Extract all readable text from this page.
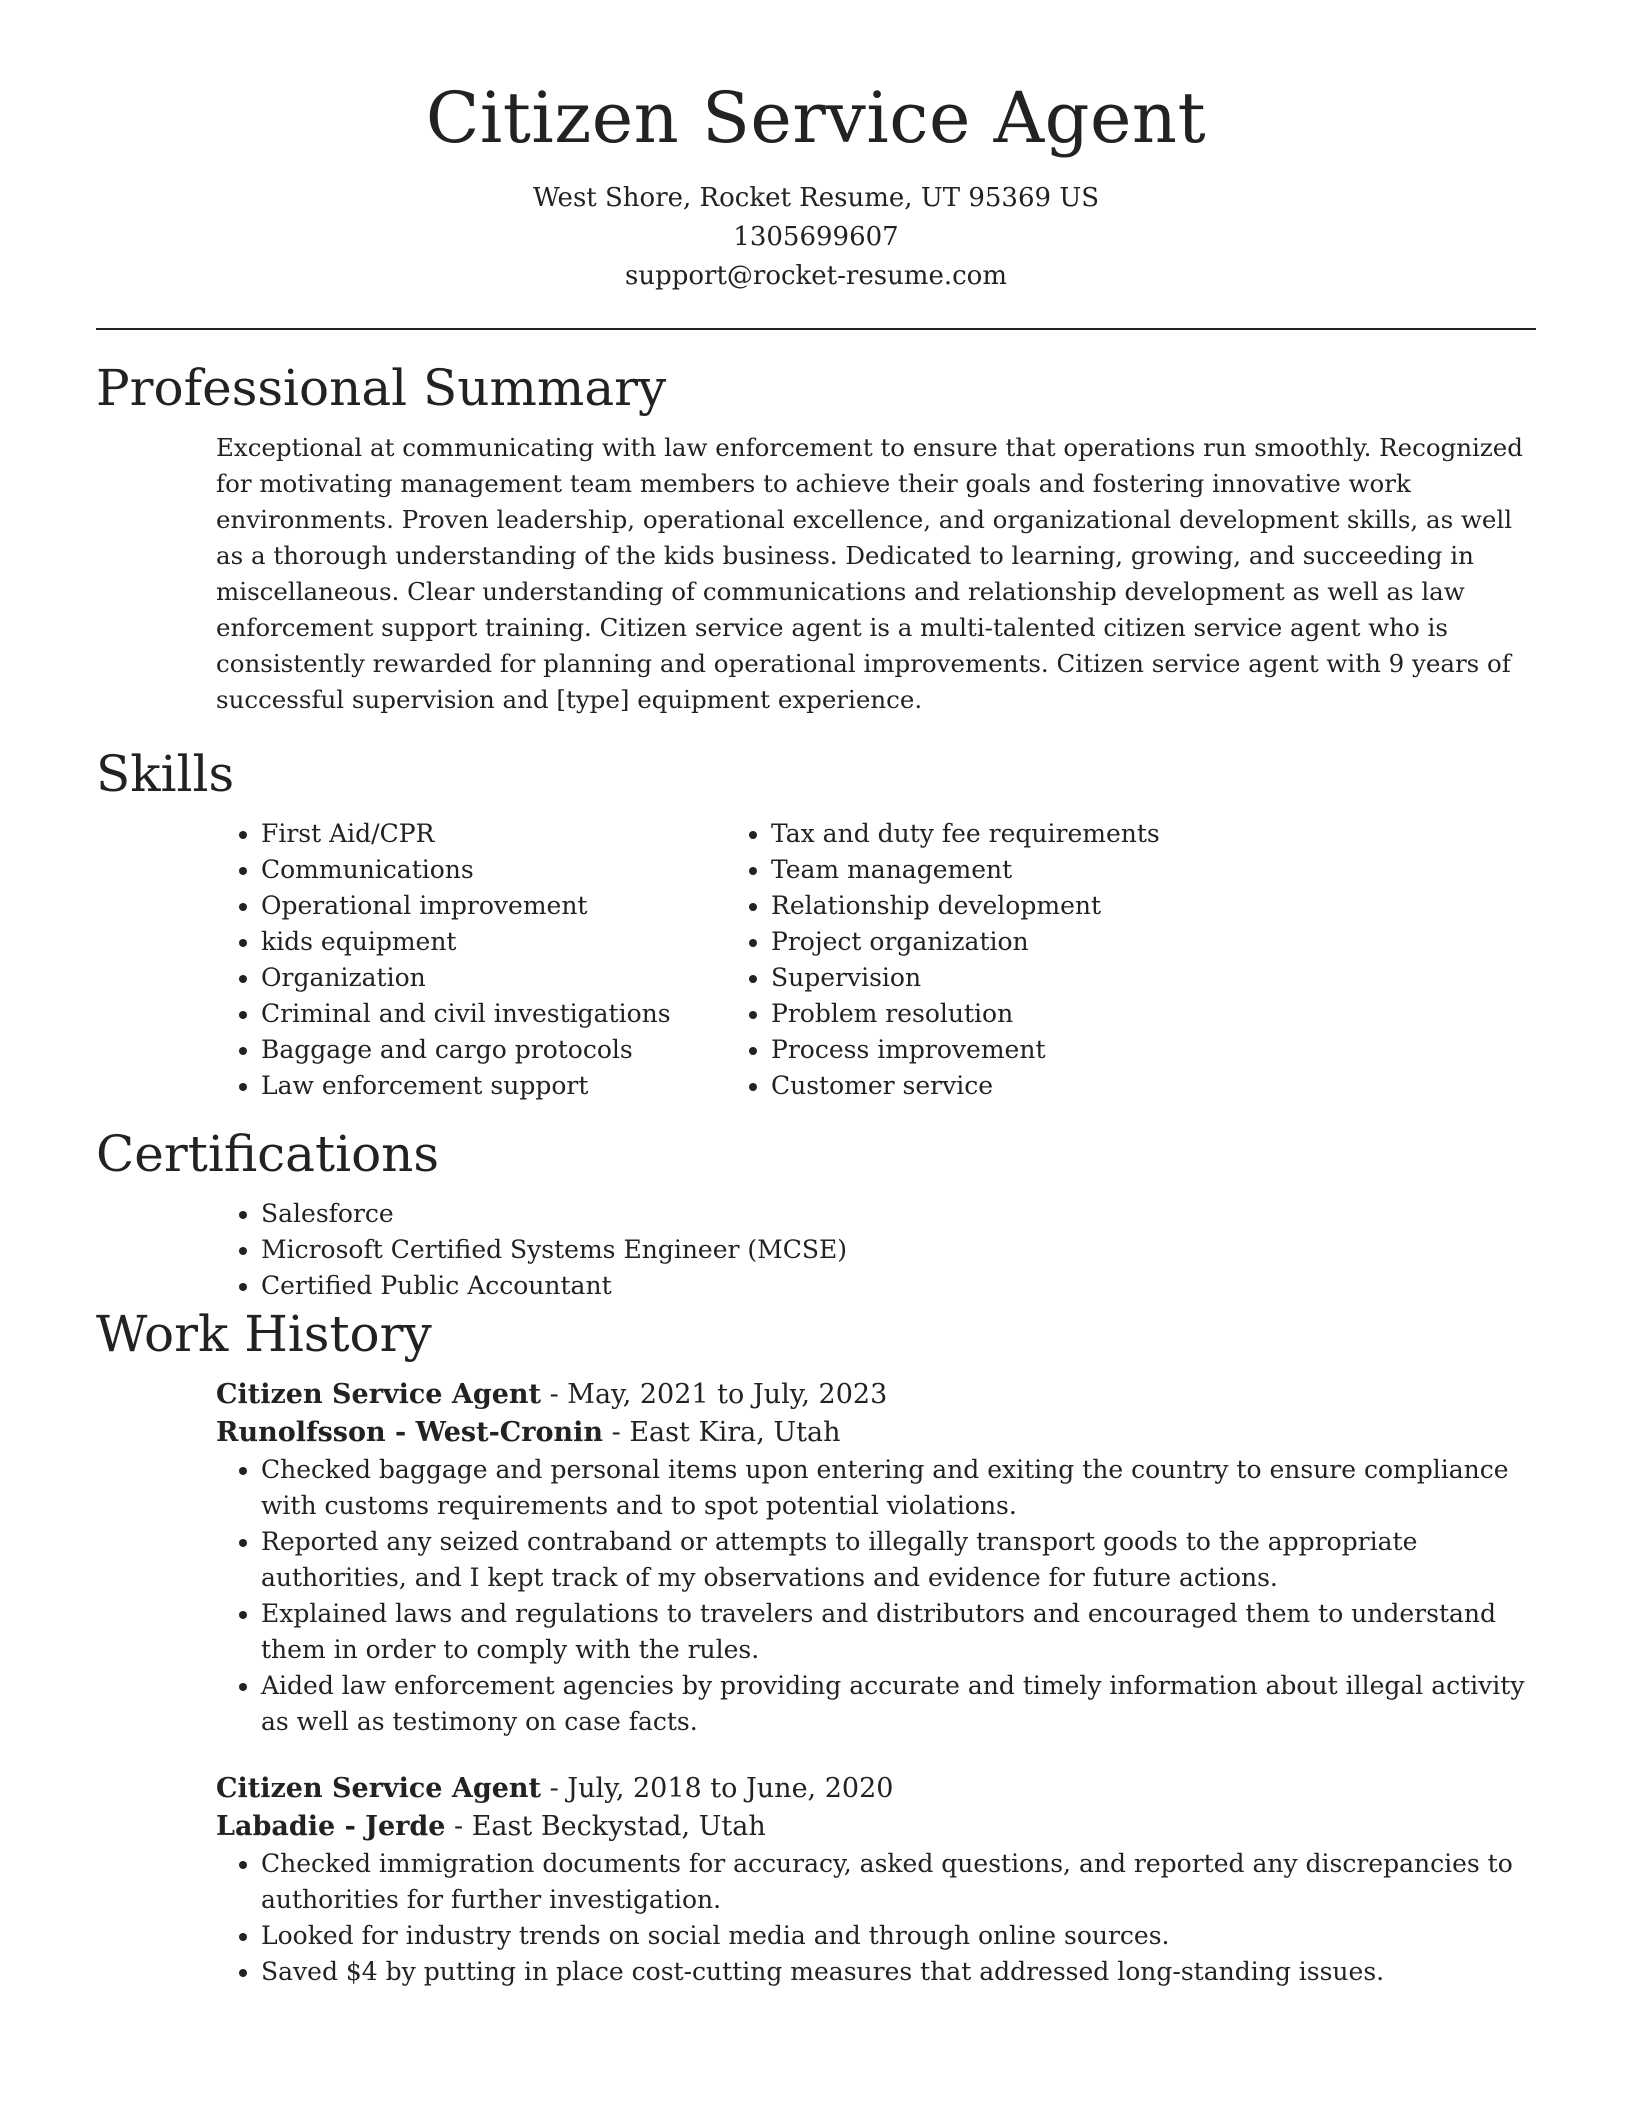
Citizen Service Agent
West Shore, Rocket Resume, UT 95369 US
1305699607
support@rocket-resume.com
Professional Summary

Exceptional at communicating with law enforcement to ensure that operations run smoothly. Recognized for motivating management team members to achieve their goals and fostering innovative work environments. Proven leadership, operational excellence, and organizational development skills, as well as a thorough understanding of the kids business. Dedicated to learning, growing, and succeeding in miscellaneous. Clear understanding of communications and relationship development as well as law enforcement support training. Citizen service agent is a multi-talented citizen service agent who is consistently rewarded for planning and operational improvements. Citizen service agent with 9 years of successful supervision and [type] equipment experience.

Skills
• First Aid/CPR
• Communications
• Operational improvement
• kids equipment
• Organization
• Criminal and civil investigations
• Baggage and cargo protocols
• Law enforcement support
• Tax and duty fee requirements
• Team management
• Relationship development
• Project organization
• Supervision
• Problem resolution
• Process improvement
• Customer service
Certifications
• Salesforce
• Microsoft Certified Systems Engineer (MCSE)
• Certified Public Accountant
Work History
Citizen Service Agent - May, 2021 to July, 2023
Runolfsson - West-Cronin - East Kira, Utah
• Checked baggage and personal items upon entering and exiting the country to ensure compliance with customs requirements and to spot potential violations.
• Reported any seized contraband or attempts to illegally transport goods to the appropriate authorities, and I kept track of my observations and evidence for future actions.
• Explained laws and regulations to travelers and distributors and encouraged them to understand them in order to comply with the rules.
• Aided law enforcement agencies by providing accurate and timely information about illegal activity as well as testimony on case facts.
Citizen Service Agent - July, 2018 to June, 2020
Labadie - Jerde - East Beckystad, Utah
• Checked immigration documents for accuracy, asked questions, and reported any discrepancies to authorities for further investigation.
• Looked for industry trends on social media and through online sources.
• Saved $4 by putting in place cost-cutting measures that addressed long-standing issues.
